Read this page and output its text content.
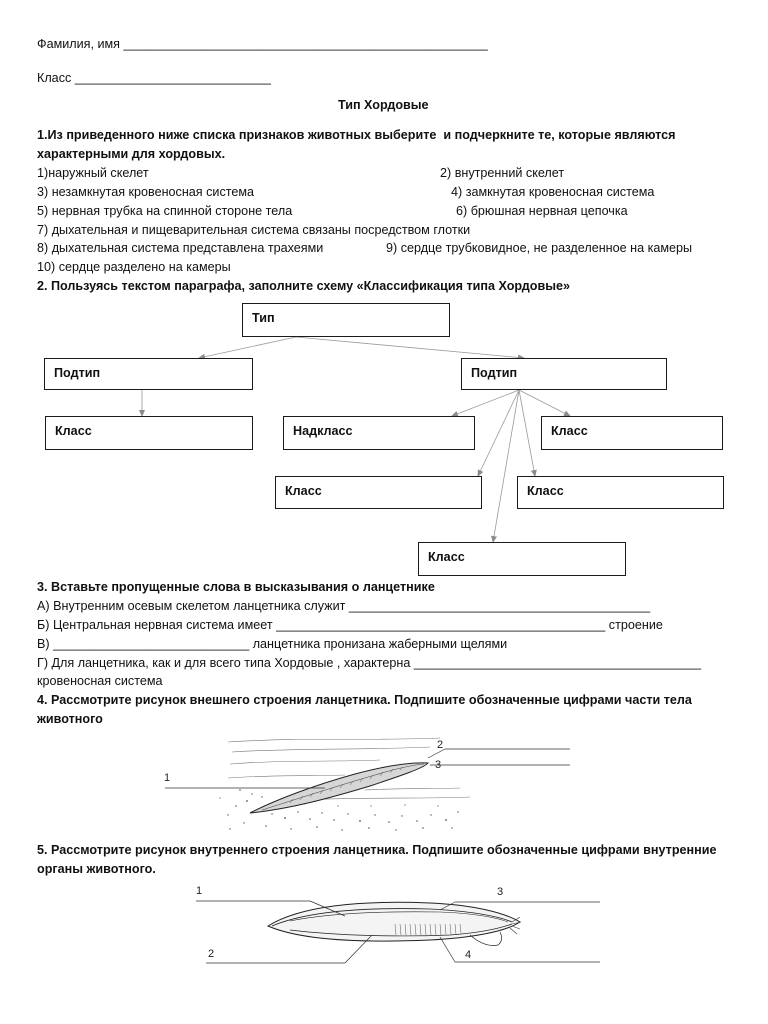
Фамилия, имя ____________________________________________________
Класс ____________________________
Тип Хордовые
1.Из приведенного ниже списка признаков животных выберите  и подчеркните те, которые являются
характерными для хордовых.
1)наружный скелет	2) внутренний скелет
3) незамкнутая кровеносная система	4) замкнутая кровеносная система
5) нервная трубка на спинной стороне тела	6) брюшная нервная цепочка
7) дыхательная и пищеварительная система связаны посредством глотки
8) дыхательная система представлена трахеями	9) сердце трубковидное, не разделенное на камеры
10) сердце разделено на камеры
2. Пользуясь текстом параграфа, заполните схему «Классификация типа Хордовые»
Тип
Подтип	Подтип
Класс	Надкласс	Класс
Класс	Класс
Класс
3. Вставьте пропущенные слова в высказывания о ланцетнике
А) Внутренним осевым скелетом ланцетника служит ___________________________________________
Б) Центральная нервная система имеет _______________________________________________ строение
В) ____________________________ ланцетника пронизана жаберными щелями
Г) Для ланцетника, как и для всего типа Хордовые , характерна _________________________________________
кровеносная система
4. Рассмотрите рисунок внешнего строения ланцетника. Подпишите обозначенные цифрами части тела
животного
1
2
3
5. Рассмотрите рисунок внутреннего строения ланцетника. Подпишите обозначенные цифрами внутренние
органы животного.
1
2
3
4
